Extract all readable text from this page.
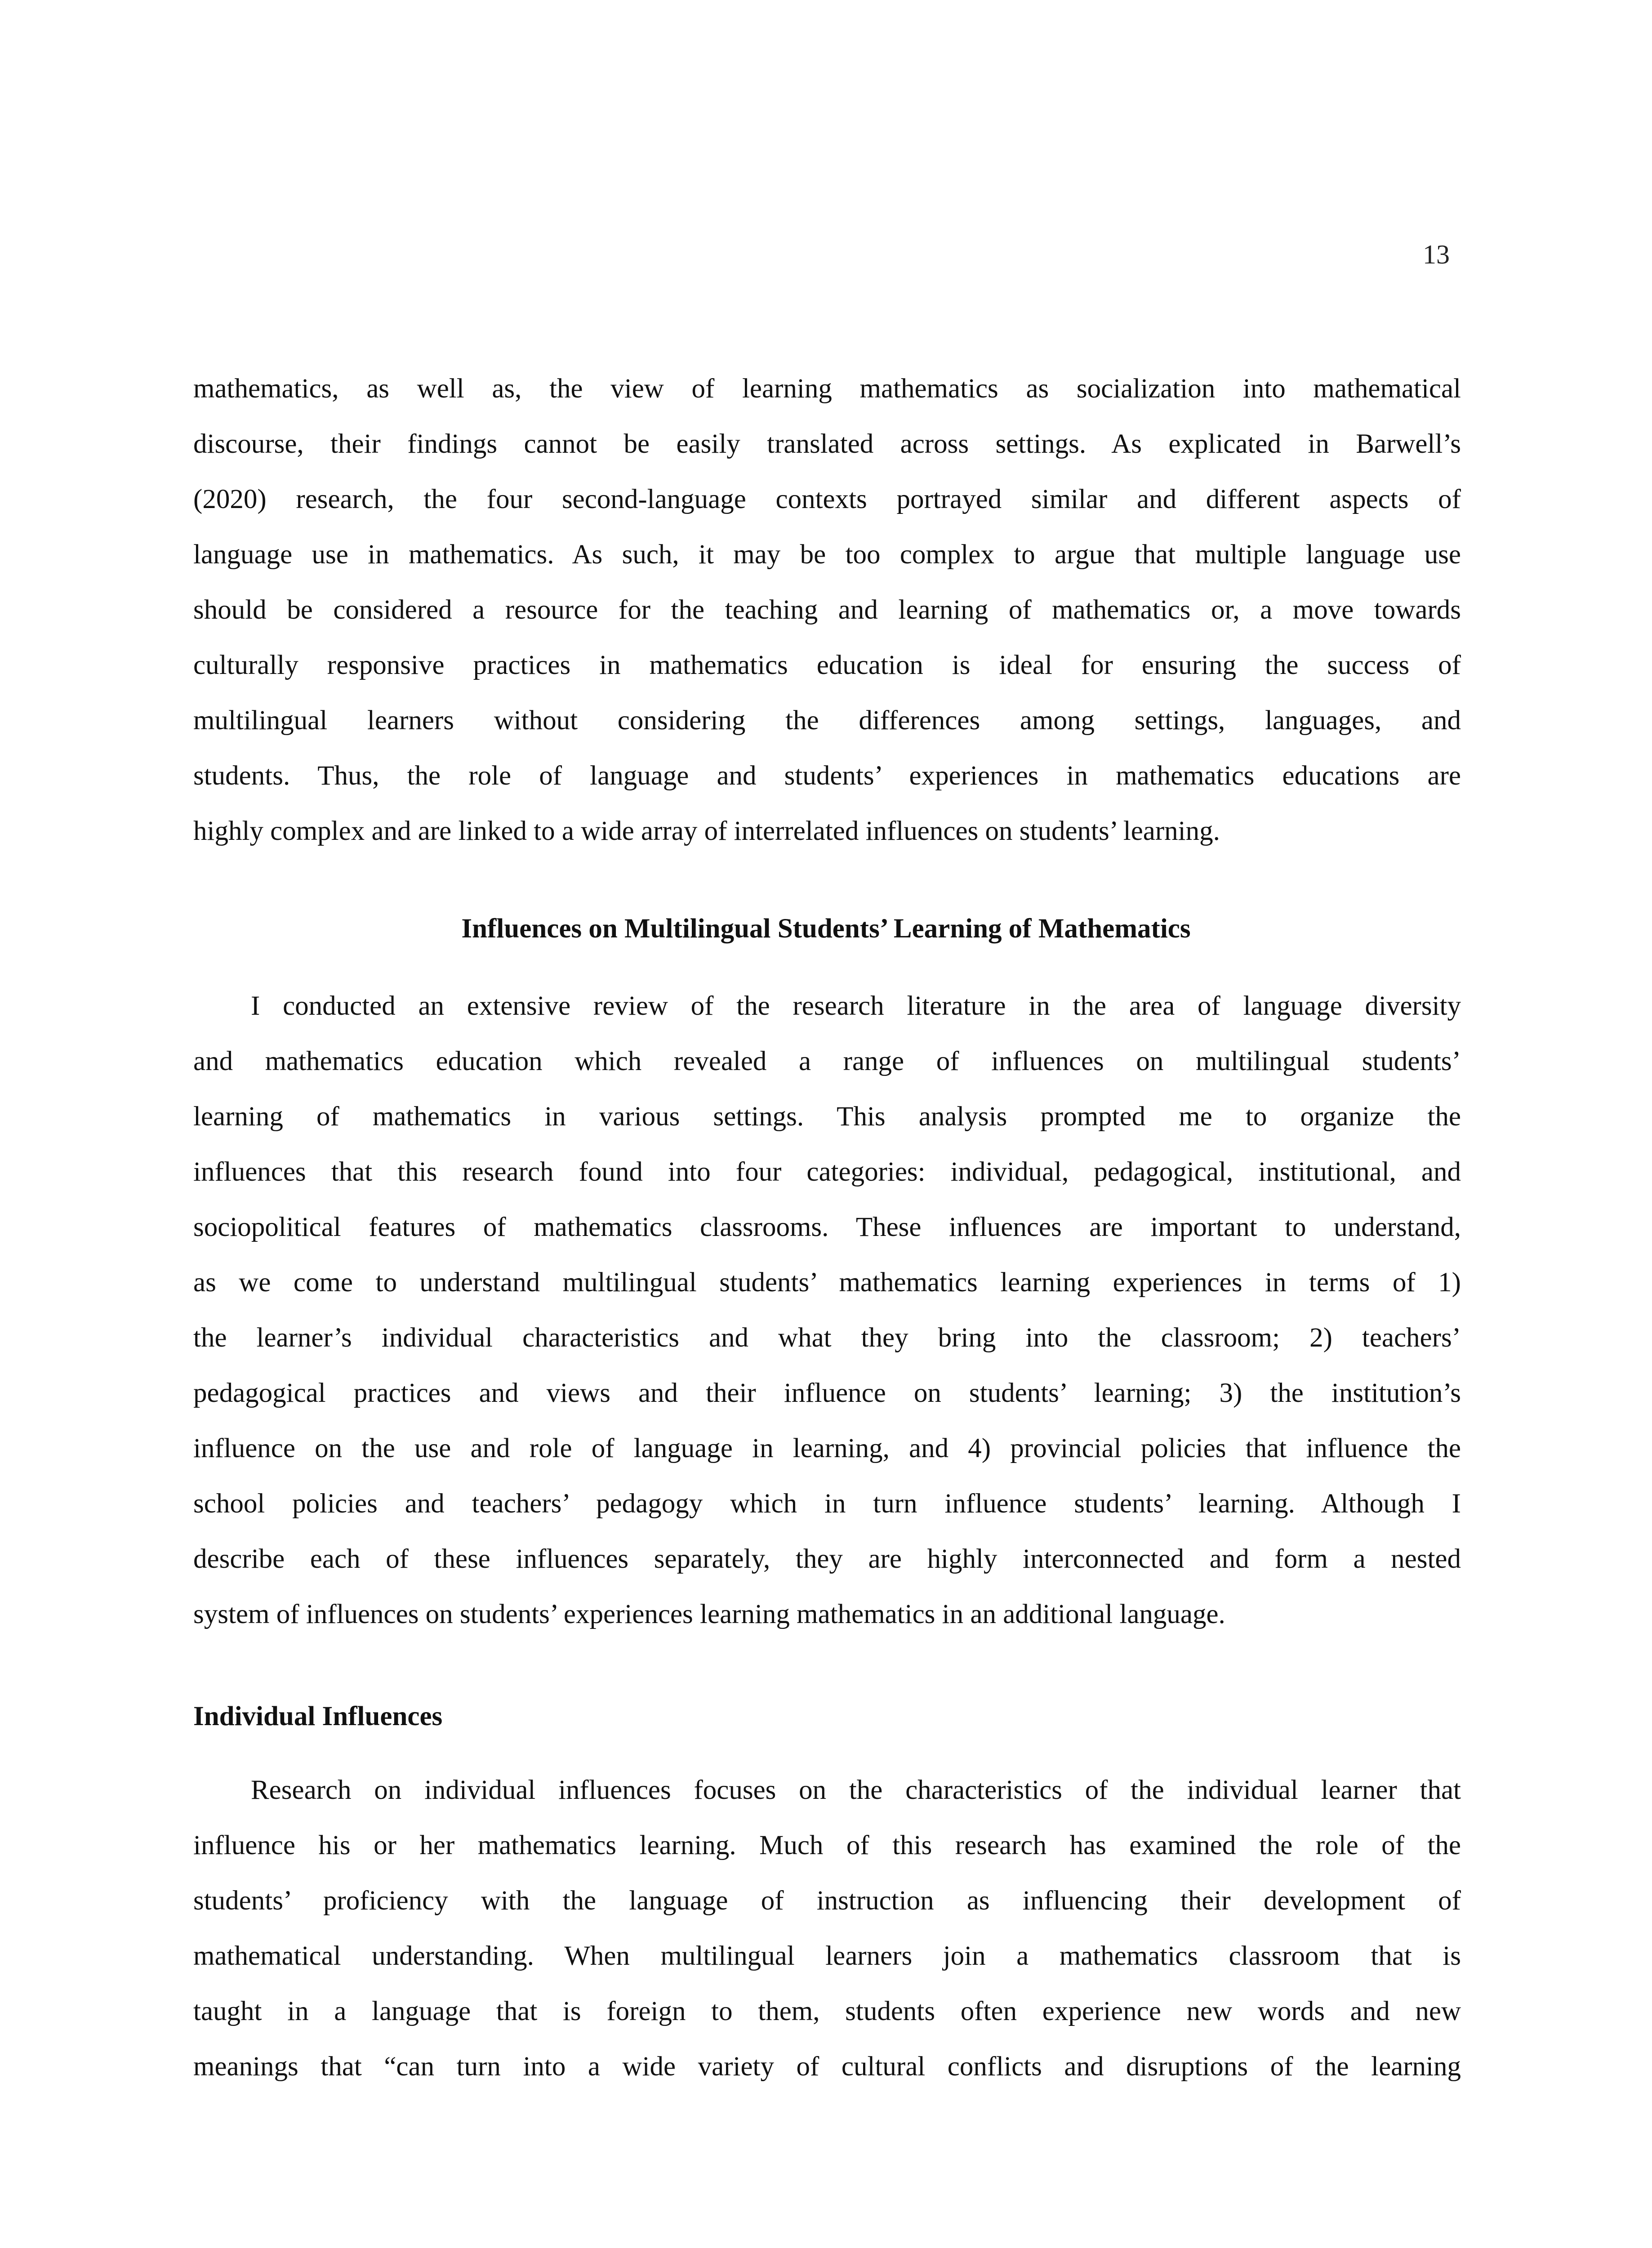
13
mathematics, as well as, the view of learning mathematics as socialization into mathematical
discourse, their findings cannot be easily translated across settings. As explicated in Barwell’s
(2020) research, the four second-language contexts portrayed similar and different aspects of
language use in mathematics. As such, it may be too complex to argue that multiple language use
should be considered a resource for the teaching and learning of mathematics or, a move towards
culturally responsive practices in mathematics education is ideal for ensuring the success of
multilingual learners without considering the differences among settings, languages, and
students. Thus, the role of language and students’ experiences in mathematics educations are
highly complex and are linked to a wide array of interrelated influences on students’ learning.
Influences on Multilingual Students’ Learning of Mathematics
I conducted an extensive review of the research literature in the area of language diversity
and mathematics education which revealed a range of influences on multilingual students’
learning of mathematics in various settings. This analysis prompted me to organize the
influences that this research found into four categories: individual, pedagogical, institutional, and
sociopolitical features of mathematics classrooms. These influences are important to understand,
as we come to understand multilingual students’ mathematics learning experiences in terms of 1)
the learner’s individual characteristics and what they bring into the classroom; 2) teachers’
pedagogical practices and views and their influence on students’ learning; 3) the institution’s
influence on the use and role of language in learning, and 4) provincial policies that influence the
school policies and teachers’ pedagogy which in turn influence students’ learning. Although I
describe each of these influences separately, they are highly interconnected and form a nested
system of influences on students’ experiences learning mathematics in an additional language.
Individual Influences
Research on individual influences focuses on the characteristics of the individual learner that
influence his or her mathematics learning. Much of this research has examined the role of the
students’ proficiency with the language of instruction as influencing their development of
mathematical understanding. When multilingual learners join a mathematics classroom that is
taught in a language that is foreign to them, students often experience new words and new
meanings that “can turn into a wide variety of cultural conflicts and disruptions of the learning
